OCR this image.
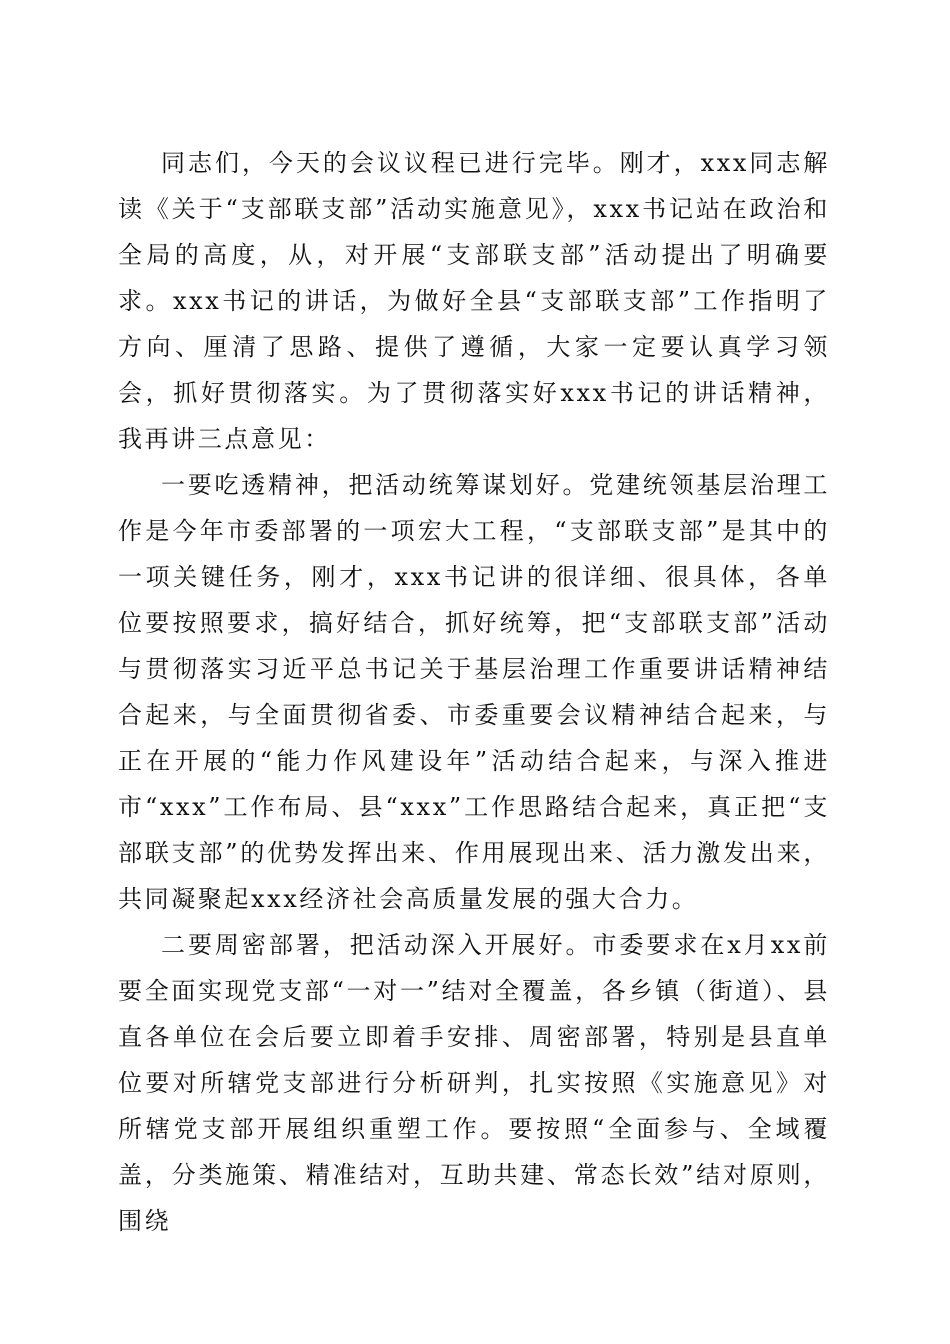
同志们，今天的会议议程已进行完毕。刚才，xxx同志解读《关于“支部联支部”活动实施意见》，xxx书记站在政治和全局的高度，从，对开展“支部联支部”活动提出了明确要求。xxx书记的讲话，为做好全县“支部联支部”工作指明了方向、厘清了思路、提供了遵循，大家一定要认真学习领会，抓好贯彻落实。为了贯彻落实好xxx书记的讲话精神，我再讲三点意见：

一要吃透精神，把活动统筹谋划好。党建统领基层治理工作是今年市委部署的一项宏大工程，“支部联支部”是其中的一项关键任务，刚才，xxx书记讲的很详细、很具体，各单位要按照要求，搞好结合，抓好统筹，把“支部联支部”活动与贯彻落实习近平总书记关于基层治理工作重要讲话精神结合起来，与全面贯彻省委、市委重要会议精神结合起来，与正在开展的“能力作风建设年”活动结合起来，与深入推进市“xxx”工作布局、县“xxx”工作思路结合起来，真正把“支部联支部”的优势发挥出来、作用展现出来、活力激发出来，共同凝聚起xxx经济社会高质量发展的强大合力。

二要周密部署，把活动深入开展好。市委要求在x月xx前要全面实现党支部“一对一”结对全覆盖，各乡镇（街道）、县直各单位在会后要立即着手安排、周密部署，特别是县直单位要对所辖党支部进行分析研判，扎实按照《实施意见》对所辖党支部开展组织重塑工作。要按照“全面参与、全域覆盖，分类施策、精准结对，互助共建、常态长效”结对原则，围绕
